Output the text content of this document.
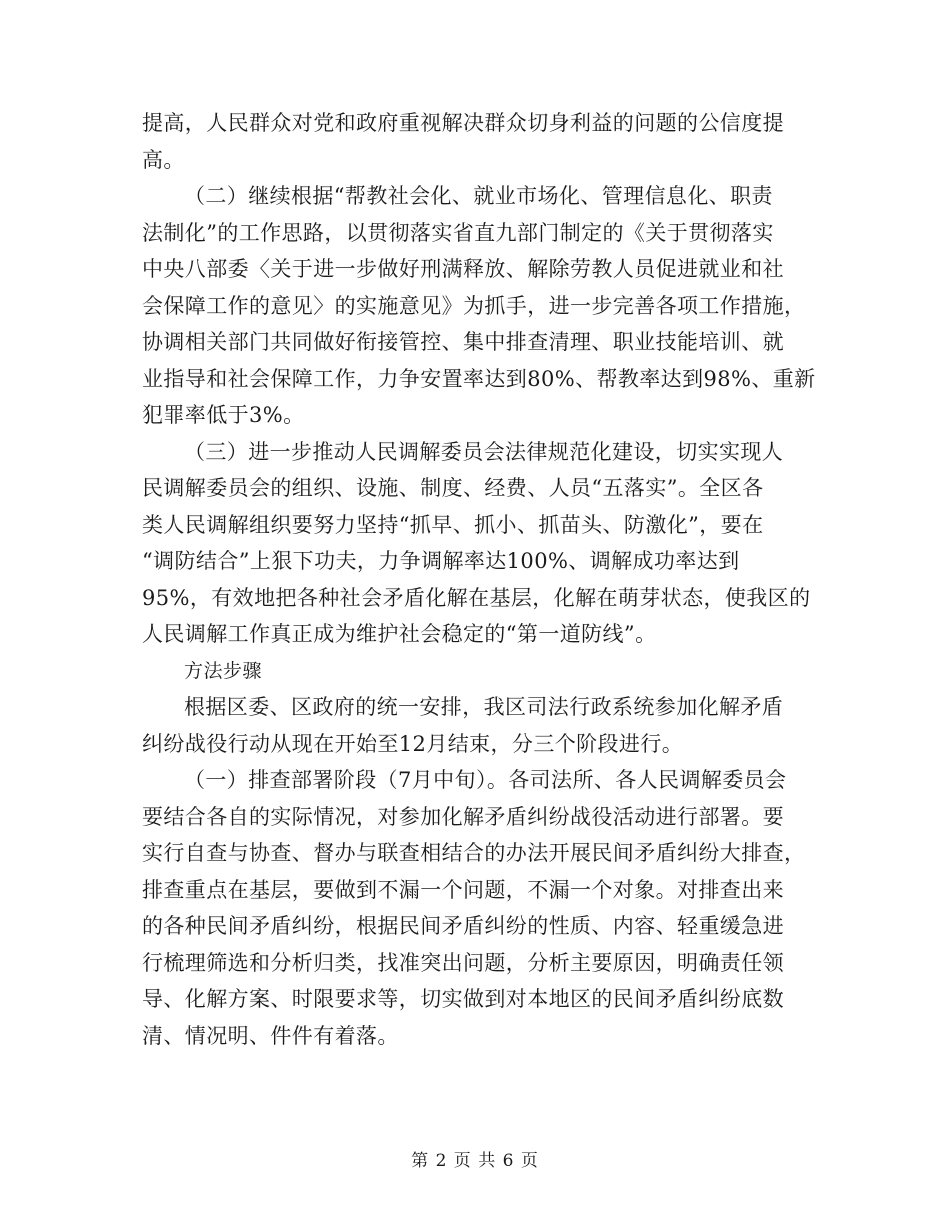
提高，人民群众对党和政府重视解决群众切身利益的问题的公信度提
高。
（二）继续根据“帮教社会化、就业市场化、管理信息化、职责
法制化”的工作思路，以贯彻落实省直九部门制定的《关于贯彻落实
中央八部委〈关于进一步做好刑满释放、解除劳教人员促进就业和社
会保障工作的意见〉的实施意见》为抓手，进一步完善各项工作措施，
协调相关部门共同做好衔接管控、集中排查清理、职业技能培训、就
业指导和社会保障工作，力争安置率达到80%、帮教率达到98%、重新
犯罪率低于3%。
（三）进一步推动人民调解委员会法律规范化建设，切实实现人
民调解委员会的组织、设施、制度、经费、人员“五落实”。全区各
类人民调解组织要努力坚持“抓早、抓小、抓苗头、防激化”，要在
“调防结合”上狠下功夫，力争调解率达100%、调解成功率达到
95%，有效地把各种社会矛盾化解在基层，化解在萌芽状态，使我区的
人民调解工作真正成为维护社会稳定的“第一道防线”。
方法步骤
根据区委、区政府的统一安排，我区司法行政系统参加化解矛盾
纠纷战役行动从现在开始至12月结束，分三个阶段进行。
（一）排查部署阶段（7月中旬）。各司法所、各人民调解委员会
要结合各自的实际情况，对参加化解矛盾纠纷战役活动进行部署。要
实行自查与协查、督办与联查相结合的办法开展民间矛盾纠纷大排查，
排查重点在基层，要做到不漏一个问题，不漏一个对象。对排查出来
的各种民间矛盾纠纷，根据民间矛盾纠纷的性质、内容、轻重缓急进
行梳理筛选和分析归类，找准突出问题，分析主要原因，明确责任领
导、化解方案、时限要求等，切实做到对本地区的民间矛盾纠纷底数
清、情况明、件件有着落。
第 2 页 共 6 页
